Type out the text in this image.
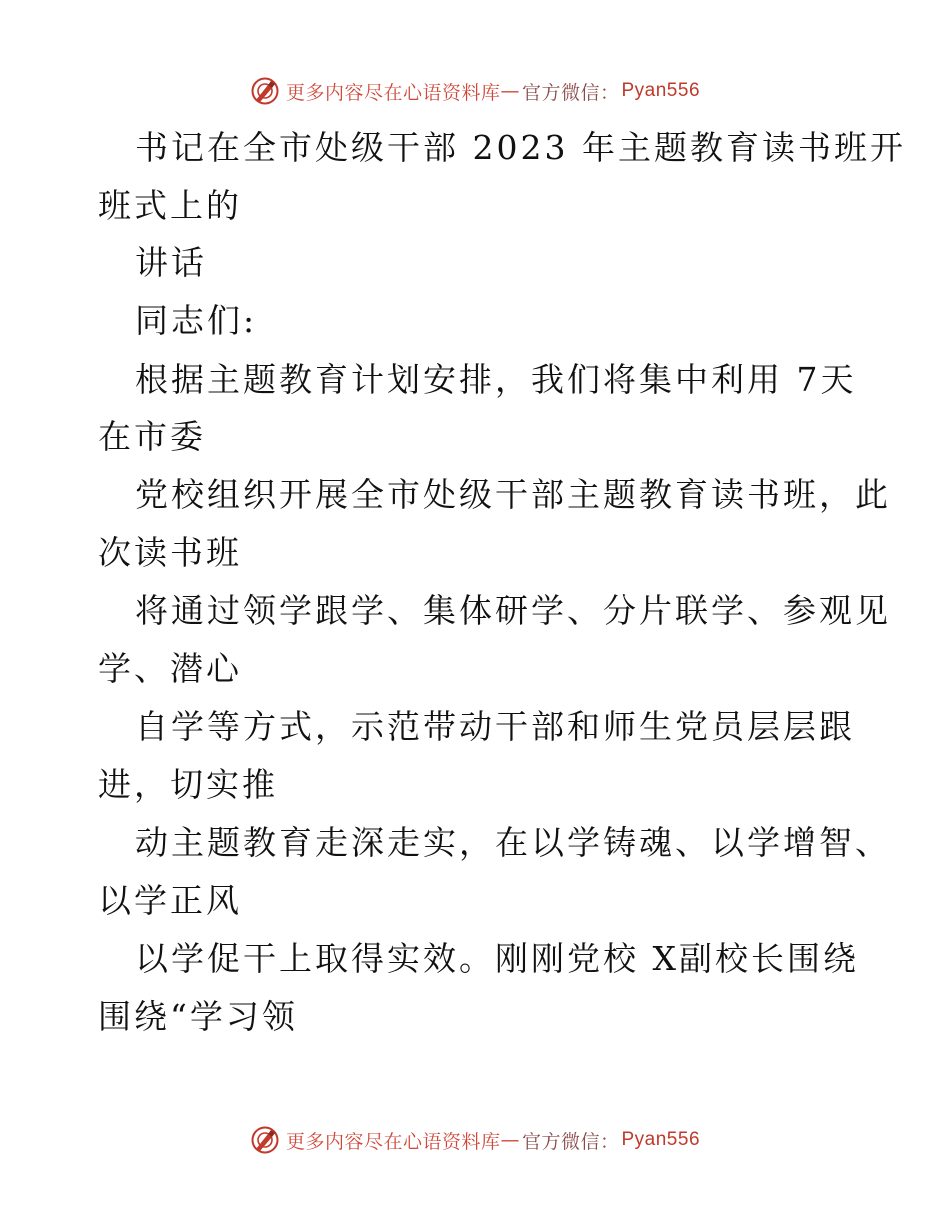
更多内容尽在心语资料库 — 官方微信： Pyan556
书记在全市处级干部 2023 年主题教育读书班开
班式上的
讲话
同志们:
根据主题教育计划安排，我们将集中利用 7天
在市委
党校组织开展全市处级干部主题教育读书班，此
次读书班
将通过领学跟学、集体研学、分片联学、参观见
学、潜心
自学等方式，示范带动干部和师生党员层层跟
进，切实推
动主题教育走深走实，在以学铸魂、以学增智、
以学正风
以学促干上取得实效。刚刚党校 X副校长围绕
围绕“学习领
更多内容尽在心语资料库 — 官方微信： Pyan556
